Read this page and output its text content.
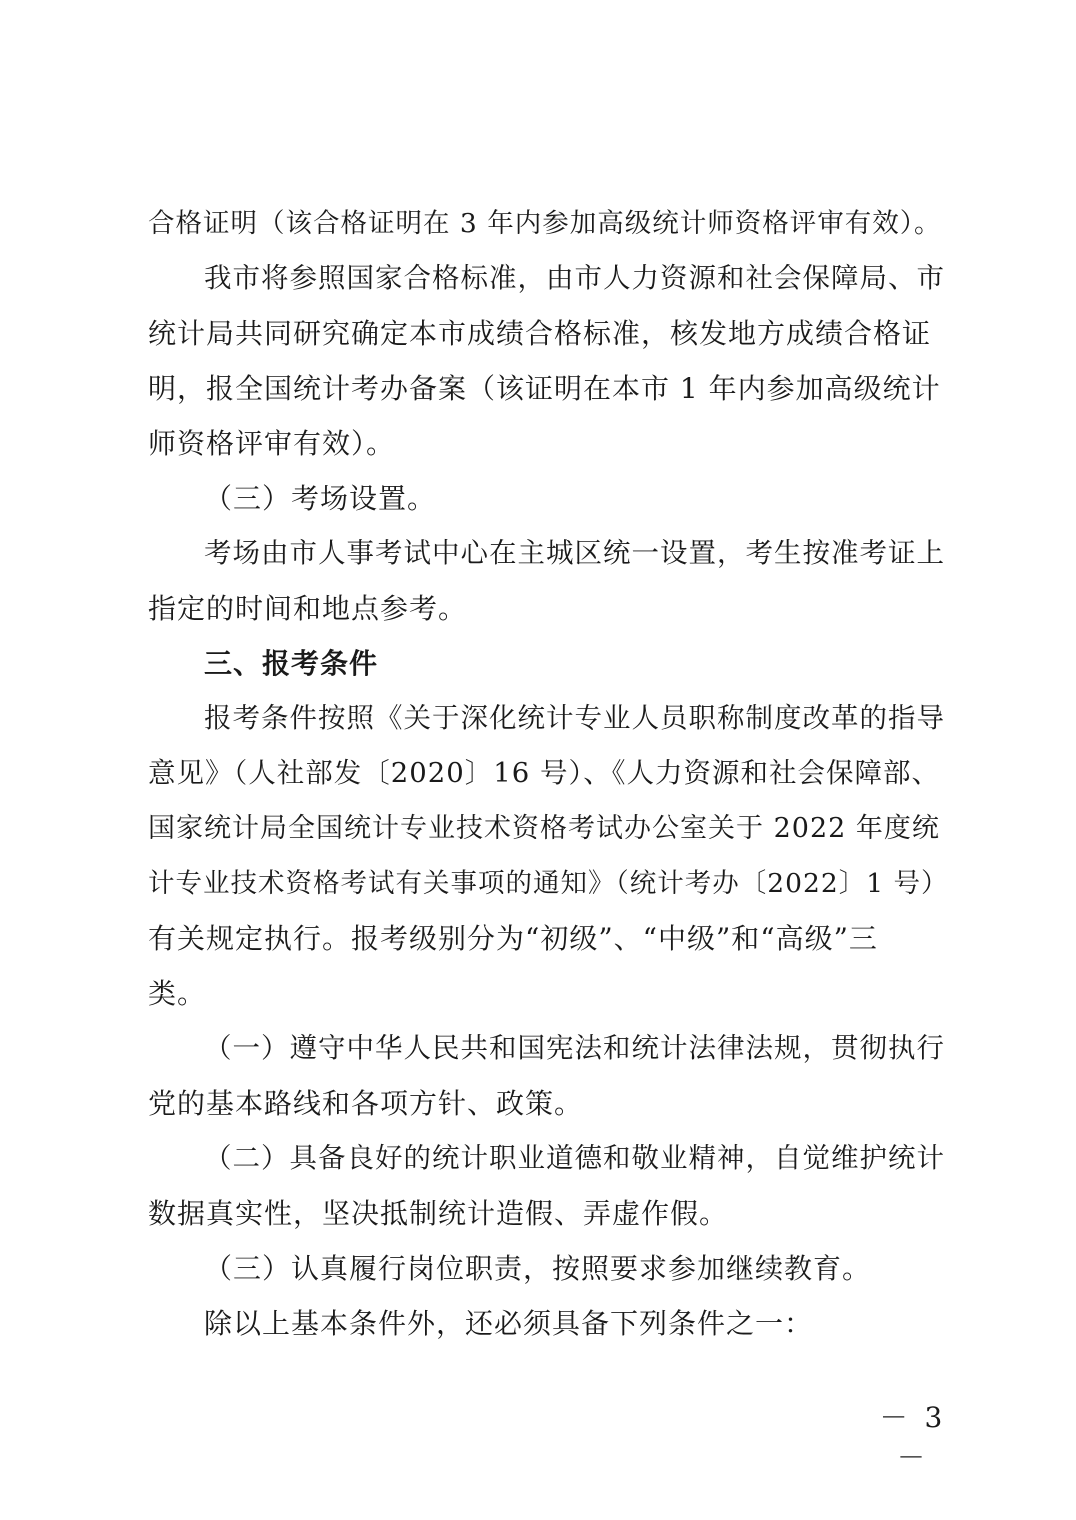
合格证明（该合格证明在 3 年内参加高级统计师资格评审有效）。
我市将参照国家合格标准，由市人力资源和社会保障局、市
统计局共同研究确定本市成绩合格标准，核发地方成绩合格证
明，报全国统计考办备案（该证明在本市 1 年内参加高级统计
师资格评审有效）。
（三）考场设置。
考场由市人事考试中心在主城区统一设置，考生按准考证上
指定的时间和地点参考。
三、报考条件
报考条件按照《关于深化统计专业人员职称制度改革的指导
意见》（人社部发〔2020〕16 号）、《人力资源和社会保障部、
国家统计局全国统计专业技术资格考试办公室关于 2022 年度统
计专业技术资格考试有关事项的通知》（统计考办〔2022〕1 号）
有关规定执行。报考级别分为“初级”、“中级”和“高级”三
类。
（一）遵守中华人民共和国宪法和统计法律法规，贯彻执行
党的基本路线和各项方针、政策。
（二）具备良好的统计职业道德和敬业精神，自觉维护统计
数据真实性，坚决抵制统计造假、弄虚作假。
（三）认真履行岗位职责，按照要求参加继续教育。
除以上基本条件外，还必须具备下列条件之一：
－ 3 －
